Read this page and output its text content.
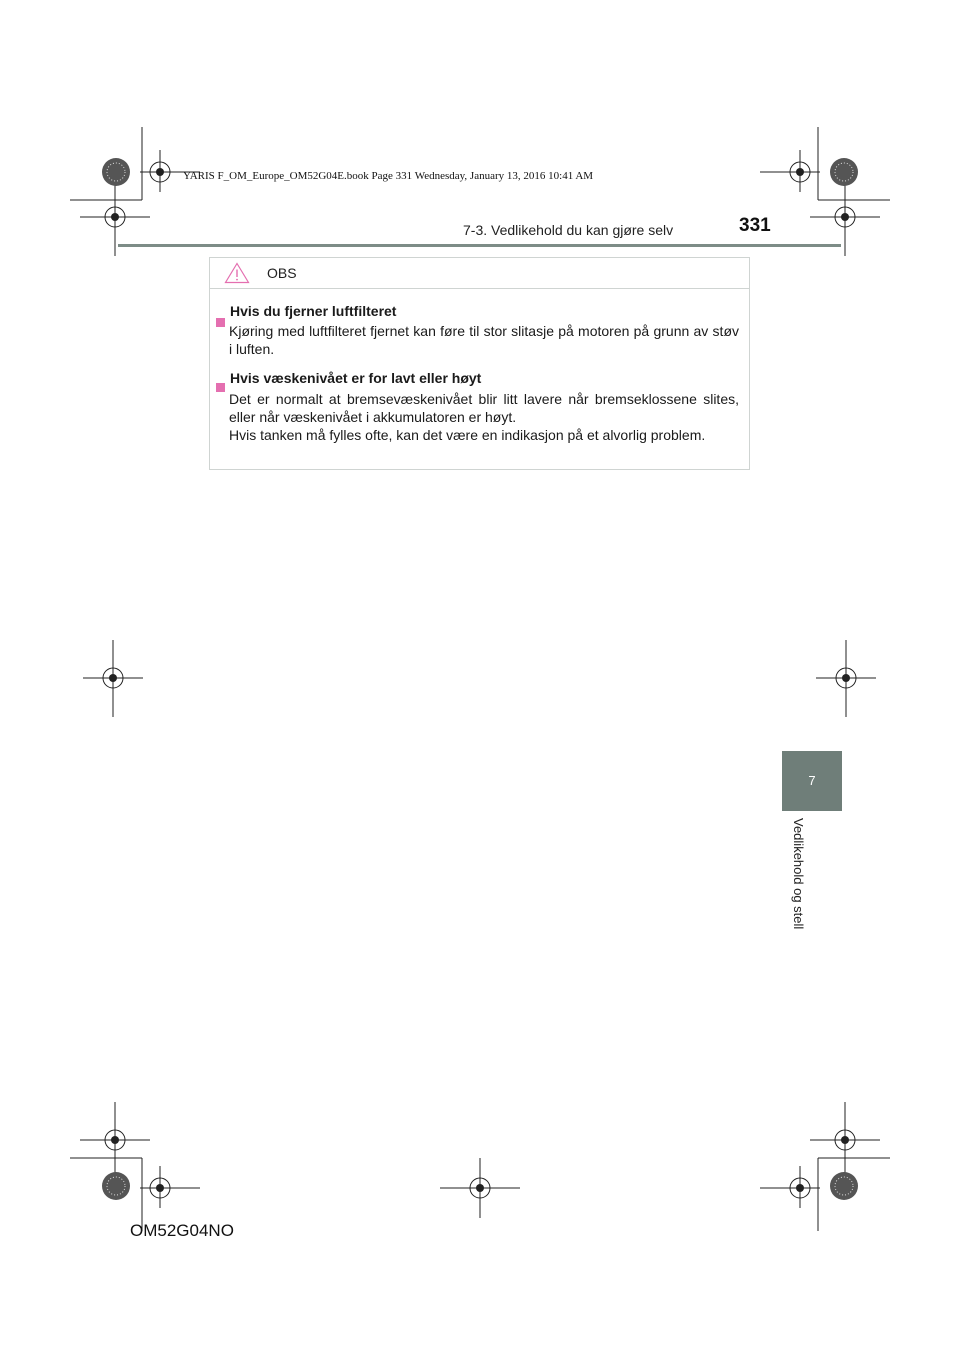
YARIS F_OM_Europe_OM52G04E.book Page 331 Wednesday, January 13, 2016 10:41 AM
7-3. Vedlikehold du kan gjøre selv	331
OBS
Hvis du fjerner luftfilteret
Kjøring med luftfilteret fjernet kan føre til stor slitasje på motoren på grunn av støv i luften.
Hvis væskenivået er for lavt eller høyt
Det er normalt at bremsevæskenivået blir litt lavere når bremseklossene slites, eller når væskenivået i akkumulatoren er høyt.
Hvis tanken må fylles ofte, kan det være en indikasjon på et alvorlig problem.
7
Vedlikehold og stell
OM52G04NO
